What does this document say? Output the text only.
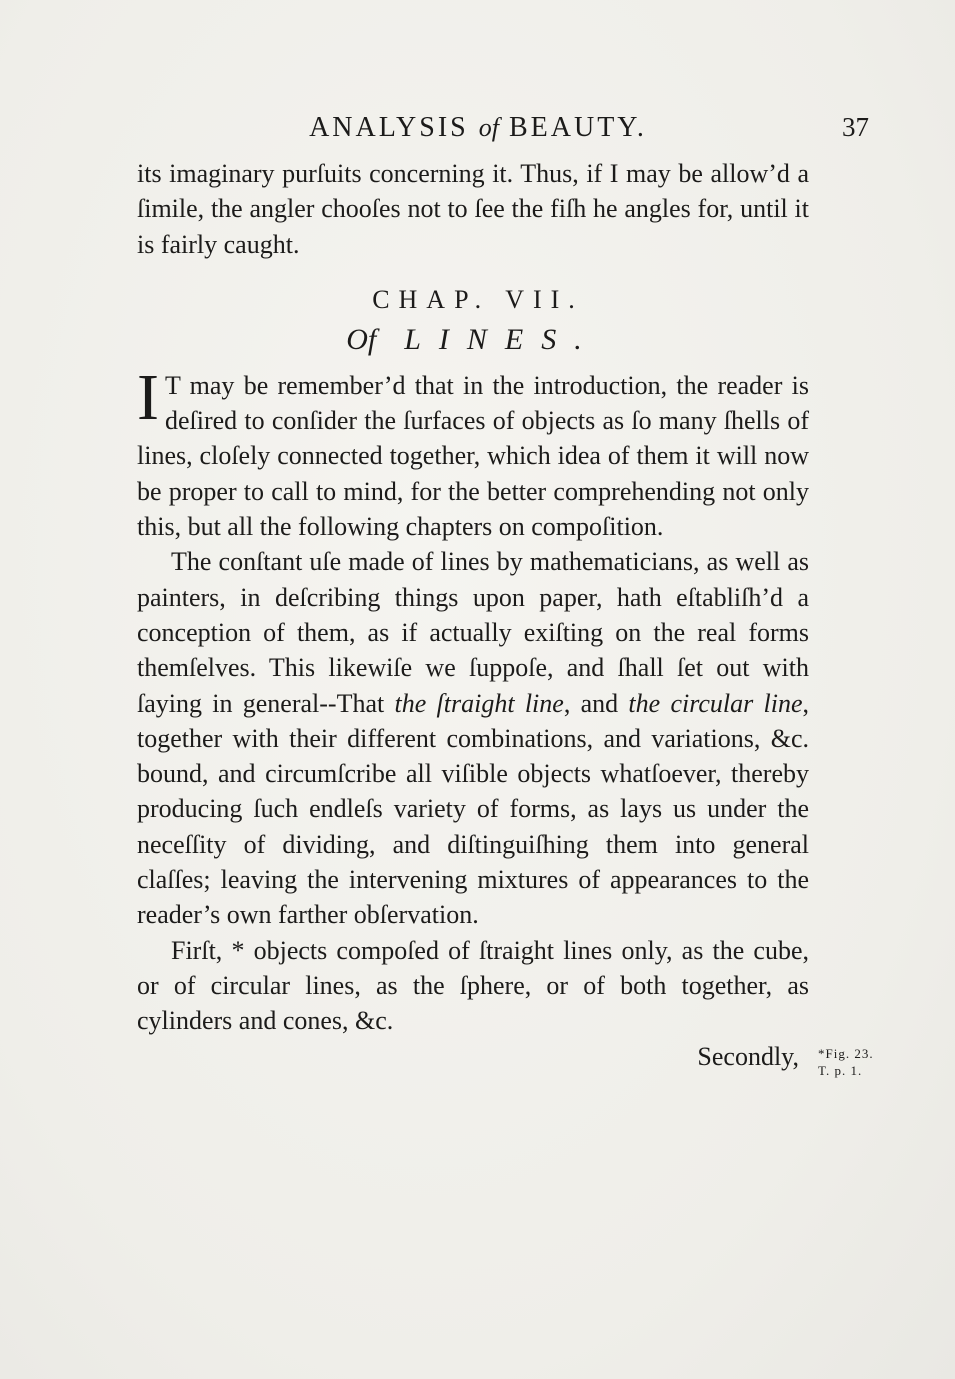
ANALYSIS of BEAUTY.	37

its imaginary purſuits concerning it. Thus, if I may be allow’d a ſimile, the angler chooſes not to ſee the fiſh he angles for, until it is fairly caught.

CHAP. VII.
Of LINES.

I T may be remember’d that in the introduction, the reader is deſired to conſider the ſurfaces of objects as ſo many ſhells of lines, cloſely connected together, which idea of them it will now be proper to call to mind, for the better comprehending not only this, but all the following chapters on compoſition.

The conſtant uſe made of lines by mathematicians, as well as painters, in deſcribing things upon paper, hath eſtabliſh’d a conception of them, as if actually exiſting on the real forms themſelves. This likewiſe we ſuppoſe, and ſhall ſet out with ſaying in general--That the ſtraight line, and the circular line, together with their different combinations, and variations, &c. bound, and circumſcribe all viſible objects whatſoever, thereby producing ſuch endleſs variety of forms, as lays us under the neceſſity of dividing, and diſtinguiſhing them into general claſſes; leaving the intervening mixtures of appearances to the reader’s own farther obſervation.

Firſt, * objects compoſed of ſtraight lines only, as the cube, or of circular lines, as the ſphere, or of both together, as cylinders and cones, &c.

Secondly,	*Fig. 23.
T. p. 1.
